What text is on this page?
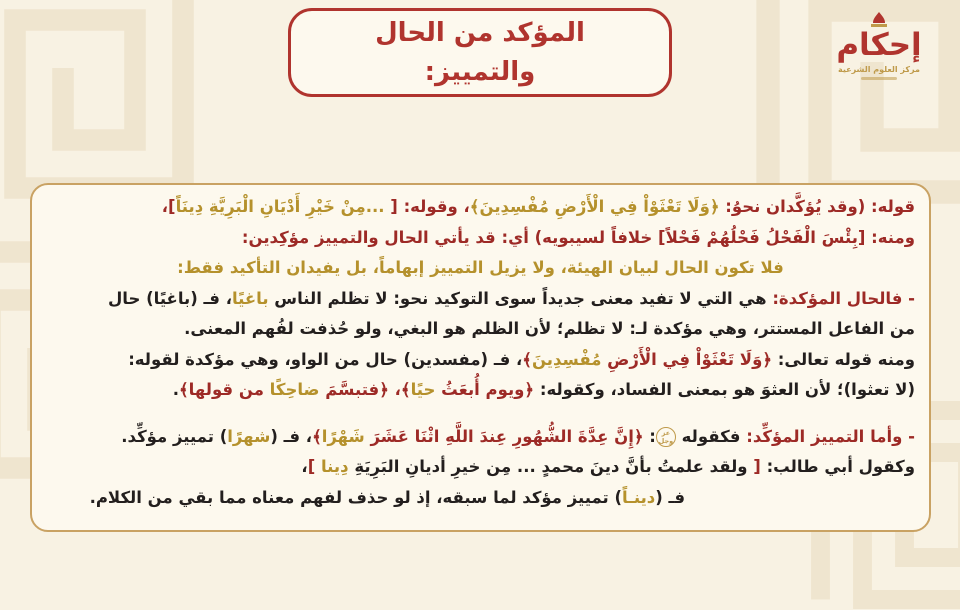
المؤكد من الحال
والتمييز:
إحكام
مركز العلوم الشرعية
قوله: (وقد يُؤكَّدان نحوُ: ﴿وَلَا تَعْثَوْاْ فِي الْأَرْضِ مُفْسِدِينَ﴾، وقوله: [ ...مِنْ خَيْرِ أَدْيَانِ الْبَرِيَّةِ دِينَاً]،
ومنه: [بِئْسَ الْفَحْلُ فَحْلُهُمْ فَحْلاً] خلافاً لسيبويه) أي: قد يأتي الحال والتمييز مؤكِدين:
فلا تكون الحال لبيان الهيئة، ولا يزيل التمييز إبهاماً، بل يفيدان التأكيد فقط:
- فالحال المؤكدة: هي التي لا تفيد معنى جديداً سوى التوكيد نحو: لا تظلم الناس باغيًا، فـ (باغيًا) حال
من الفاعل المستتر، وهي مؤكدة لـ: لا تظلم؛ لأن الظلم هو البغي، ولو حُذفت لفُهم المعنى.
ومنه قوله تعالى: ﴿وَلَا تَعْثَوْاْ فِي الْأَرْضِ مُفْسِدِينَ﴾، فـ (مفسدين) حال من الواو، وهي مؤكدة لقوله:
(لا تعثوا)؛ لأن العثوَ هو بمعنى الفساد، وكقوله: ﴿ويوم أُبعَثُ حيًا﴾، ﴿فتبسَّمَ ضاحِكًا من قولها﴾.
- وأما التمييز المؤكِّد: فكقوله عز وجل: ﴿إِنَّ عِدَّةَ الشُّهُورِ عِندَ اللَّهِ اثْنَا عَشَرَ شَهْرًا﴾، فـ (شهرًا) تمييز مؤكِّد.
وكقول أبي طالب: [ ولقد علمتُ بأنَّ دينَ محمدٍ ... مِن خيرِ أديانِ البَرِيَةِ دِينا ]،
فـ (دينـاً) تمييز مؤكد لما سبقه، إذ لو حذف لفهم معناه مما بقي من الكلام.
